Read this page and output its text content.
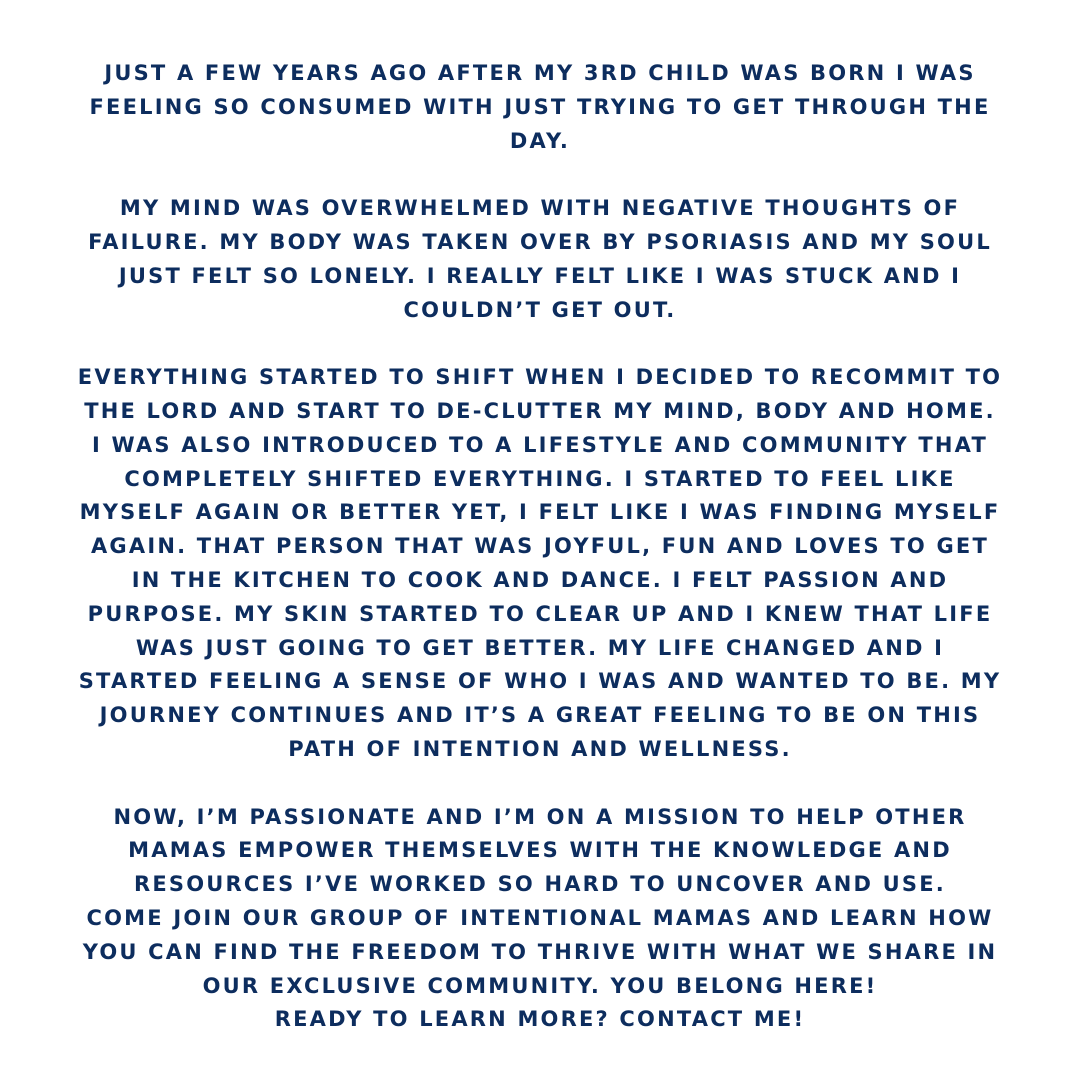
JUST A FEW YEARS AGO AFTER MY 3RD CHILD WAS BORN I WAS
FEELING SO CONSUMED WITH JUST TRYING TO GET THROUGH THE
DAY.

MY MIND WAS OVERWHELMED WITH NEGATIVE THOUGHTS OF
FAILURE. MY BODY WAS TAKEN OVER BY PSORIASIS AND MY SOUL
JUST FELT SO LONELY. I REALLY FELT LIKE I WAS STUCK AND I
COULDN’T GET OUT.

EVERYTHING STARTED TO SHIFT WHEN I DECIDED TO RECOMMIT TO
THE LORD AND START TO DE-CLUTTER MY MIND, BODY AND HOME.
I WAS ALSO INTRODUCED TO A LIFESTYLE AND COMMUNITY THAT
COMPLETELY SHIFTED EVERYTHING. I STARTED TO FEEL LIKE
MYSELF AGAIN OR BETTER YET, I FELT LIKE I WAS FINDING MYSELF
AGAIN. THAT PERSON THAT WAS JOYFUL, FUN AND LOVES TO GET
IN THE KITCHEN TO COOK AND DANCE. I FELT PASSION AND
PURPOSE. MY SKIN STARTED TO CLEAR UP AND I KNEW THAT LIFE
WAS JUST GOING TO GET BETTER. MY LIFE CHANGED AND I
STARTED FEELING A SENSE OF WHO I WAS AND WANTED TO BE. MY
JOURNEY CONTINUES AND IT’S A GREAT FEELING TO BE ON THIS
PATH OF INTENTION AND WELLNESS.

NOW, I’M PASSIONATE AND I’M ON A MISSION TO HELP OTHER
MAMAS EMPOWER THEMSELVES WITH THE KNOWLEDGE AND
RESOURCES I’VE WORKED SO HARD TO UNCOVER AND USE.
COME JOIN OUR GROUP OF INTENTIONAL MAMAS AND LEARN HOW
YOU CAN FIND THE FREEDOM TO THRIVE WITH WHAT WE SHARE IN
OUR EXCLUSIVE COMMUNITY. YOU BELONG HERE!
READY TO LEARN MORE? CONTACT ME!
